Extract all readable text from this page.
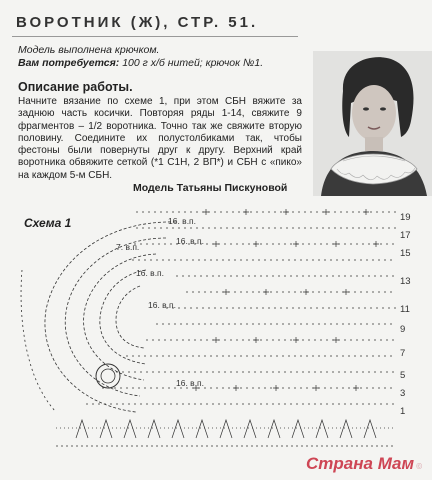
ВОРОТНИК (Ж), СТР. 51.
Модель выполнена крючком.
Вам потребуется: 100 г х/б нитей; крючок №1.
Описание работы.
Начните вязание по схеме 1, при этом СБН вяжите за заднюю часть косички. Повторяя ряды 1-14, свяжите 9 фрагментов – 1/2 воротника. Точно так же свяжите вторую половину. Соедините их полустолбиками так, чтобы фестоны были повернуты друг к другу. Верхний край воротника обвяжите сеткой (*1 С1Н, 2 ВП*) и СБН с «пико» на каждом 5-м СБН.
Модель Татьяны Пискуновой
Схема 1	16. в.п.
16. в.п.
7. в.п.
16. в.п.
16. в.п.
16. в.п.
19
17
15
13
11
9
7
5
3
1
Страна Мам ©
